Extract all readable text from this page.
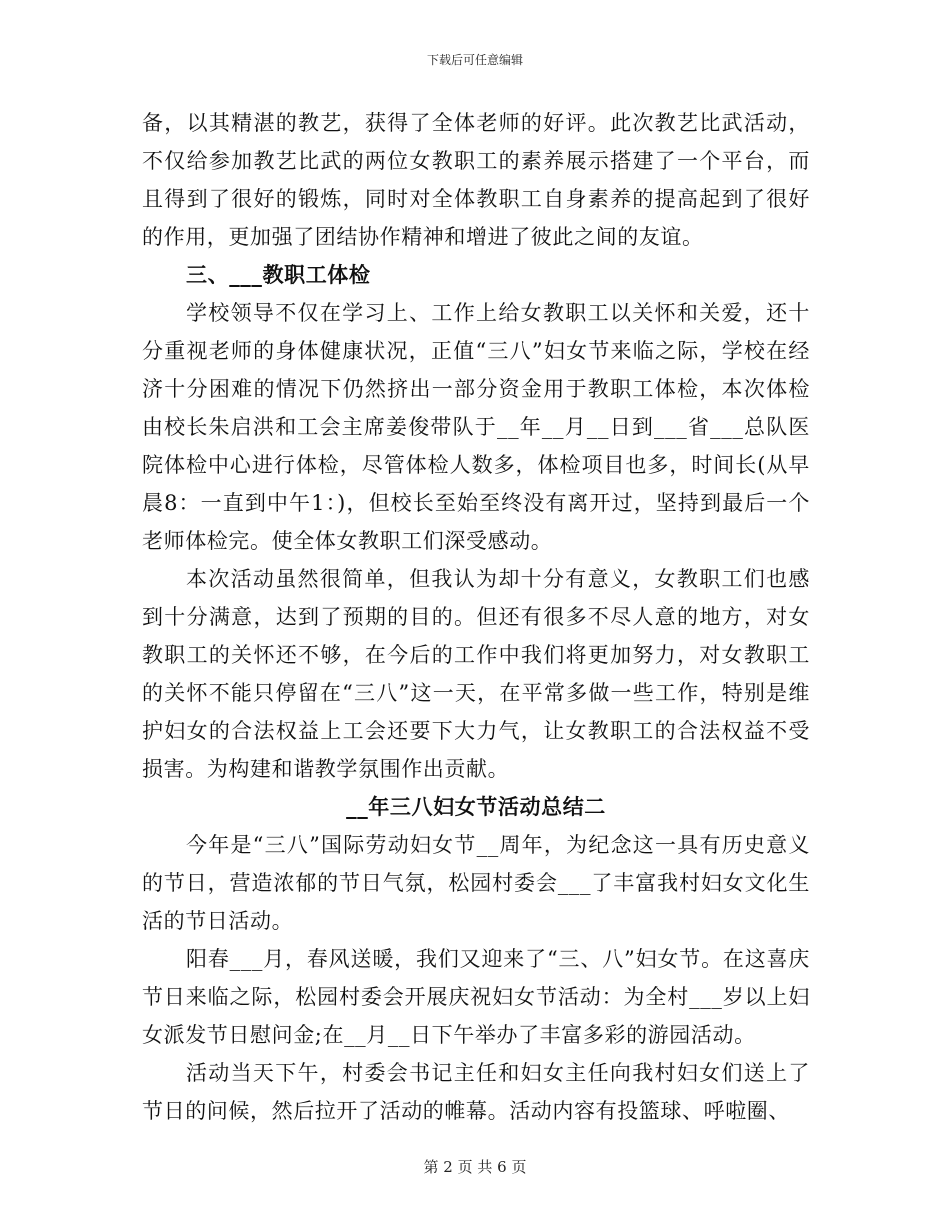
下载后可任意编辑

备，以其精湛的教艺，获得了全体老师的好评。此次教艺比武活动，不仅给参加教艺比武的两位女教职工的素养展示搭建了一个平台，而且得到了很好的锻炼，同时对全体教职工自身素养的提高起到了很好的作用，更加强了团结协作精神和增进了彼此之间的友谊。

三、___教职工体检

学校领导不仅在学习上、工作上给女教职工以关怀和关爱，还十分重视老师的身体健康状况，正值“三八”妇女节来临之际，学校在经济十分困难的情况下仍然挤出一部分资金用于教职工体检，本次体检由校长朱启洪和工会主席姜俊带队于__年__月__日到___省___总队医院体检中心进行体检，尽管体检人数多，体检项目也多，时间长(从早晨8：一直到中午1：)，但校长至始至终没有离开过，坚持到最后一个老师体检完。使全体女教职工们深受感动。

本次活动虽然很简单，但我认为却十分有意义，女教职工们也感到十分满意，达到了预期的目的。但还有很多不尽人意的地方，对女教职工的关怀还不够，在今后的工作中我们将更加努力，对女教职工的关怀不能只停留在“三八”这一天，在平常多做一些工作，特别是维护妇女的合法权益上工会还要下大力气，让女教职工的合法权益不受损害。为构建和谐教学氛围作出贡献。

__年三八妇女节活动总结二

今年是“三八”国际劳动妇女节__周年，为纪念这一具有历史意义的节日，营造浓郁的节日气氛，松园村委会___了丰富我村妇女文化生活的节日活动。

阳春___月，春风送暖，我们又迎来了“三、八”妇女节。在这喜庆节日来临之际，松园村委会开展庆祝妇女节活动：为全村___岁以上妇女派发节日慰问金;在__月__日下午举办了丰富多彩的游园活动。

活动当天下午，村委会书记主任和妇女主任向我村妇女们送上了节日的问候，然后拉开了活动的帷幕。活动内容有投篮球、呼啦圈、

第 2 页 共 6 页
